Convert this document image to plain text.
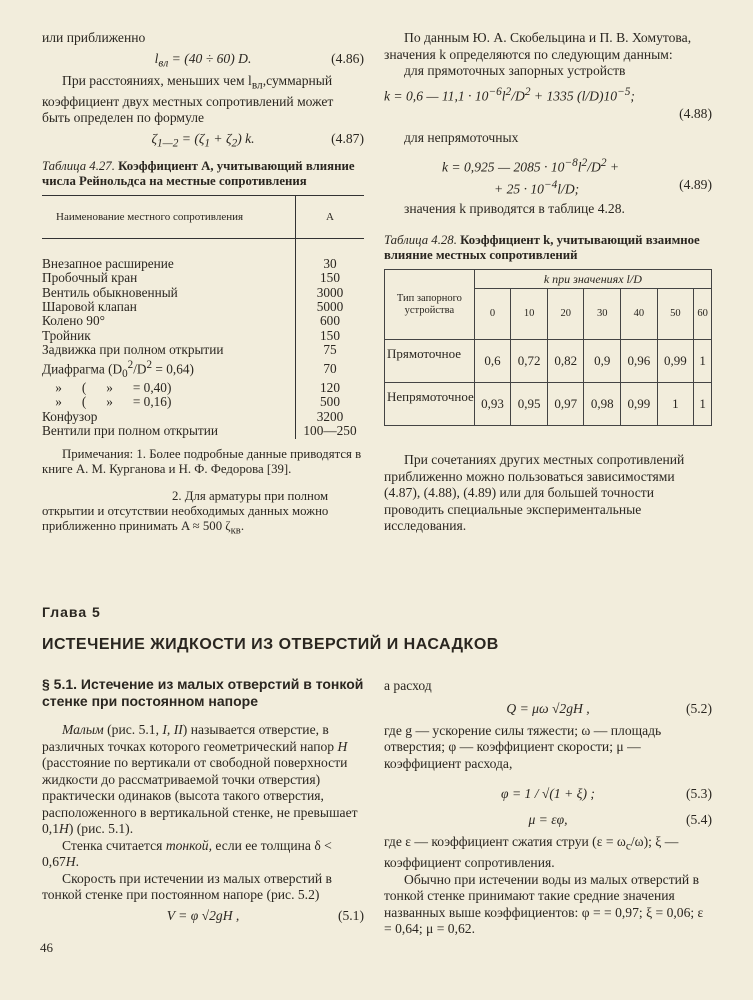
или приближенно

$l_{вл} = (40 \div 60)$ D.	(4.86)

При расстояниях, меньших чем $l_{вл},суммарный$ коэффициент двух местных сопротивлений может быть определен по формуле

$\zeta_{1—2} = (\zeta_1 + \zeta_2)$ k.	(4.87)

Таблица 4.27. Коэффициент A, учитывающий влияние числа Рейнольдса на местные сопротивления

Наименование местного сопротивления	A
Внезапное расширение	30
Пробочный кран	150
Вентиль обыкновенный	3000
Шаровой клапан	5000
Колено 90°	600
Тройник	150
Задвижка при полном открытии	75
Диафрагма $(D_0^2/D^2 = 0,64)$	70
»      (      »      = 0,40)	120
»      (      »      = 0,16)	500
Конфузор	3200
Вентили при полном открытии	100—250

Примечания: 1. Более подробные данные приводятся в книге А. М. Курганова и Н. Ф. Федорова [39].

2. Для арматуры при полном открытии и отсутствии необходимых данных можно приближенно принимать A ≈ 500 $\zeta_{кв}$.

По данным Ю. А. Скобельцина и П. В. Хомутова, значения k определяются по следующим данным:

для прямоточных запорных устройств

k = 0,6 — $11,1 \cdot 10^{-6}l^2/D^2 + 1335$ $(l/D)10^{-5}$;
(4.88)

для непрямоточных

k = 0,925 — $2085 \cdot 10^{-8}l^2/D^2$ +
+ $25 \cdot 10^{-4}l/D$;	(4.89)

значения k приводятся в таблице 4.28.

Таблица 4.28. Коэффициент k, учитывающий взаимное влияние местных сопротивлений

Тип запорного устройства	k при значениях l/D						
	0	10	20	30	40	50	60
Прямоточное	0,6	0,72	0,82	0,9	0,96	0,99	1
Непрямоточное	0,93	0,95	0,97	0,98	0,99	1	1

При сочетаниях других местных сопротивлений приближенно можно пользоваться зависимостями (4.87), (4.88), (4.89) или для большей точности проводить специальные экспериментальные исследования.

Глава 5
ИСТЕЧЕНИЕ ЖИДКОСТИ ИЗ ОТВЕРСТИЙ И НАСАДКОВ
§ 5.1. Истечение из малых отверстий в тонкой стенке при постоянном напоре

Малым (рис. 5.1, I, II) называется отверстие, в различных точках которого геометрический напор H (расстояние по вертикали от свободной поверхности жидкости до рассматриваемой точки отверстия) практически одинаков (высота такого отверстия, расположенного в вертикальной стенке, не превышает 0,1H) (рис. 5.1).

Стенка считается тонкой, если ее толщина δ < 0,67H.

Скорость при истечении из малых отверстий в тонкой стенке при постоянном напоре (рис. 5.2)

V = φ √2gH ,	(5.1)

а расход

Q = μω √2gH ,	(5.2)

где g — ускорение силы тяжести; ω — площадь отверстия; φ — коэффициент скорости; μ — коэффициент расхода,

φ = 1 / √(1 + ξ) ;	(5.3)
μ = εφ,	(5.4)

где ε — коэффициент сжатия струи $(\varepsilon = \omega_c/\omega)$; ξ — коэффициент сопротивления.

Обычно при истечении воды из малых отверстий в тонкой стенке принимают такие средние значения названных выше коэффициентов: φ = = 0,97; ξ = 0,06; ε = 0,64; μ = 0,62.

46
